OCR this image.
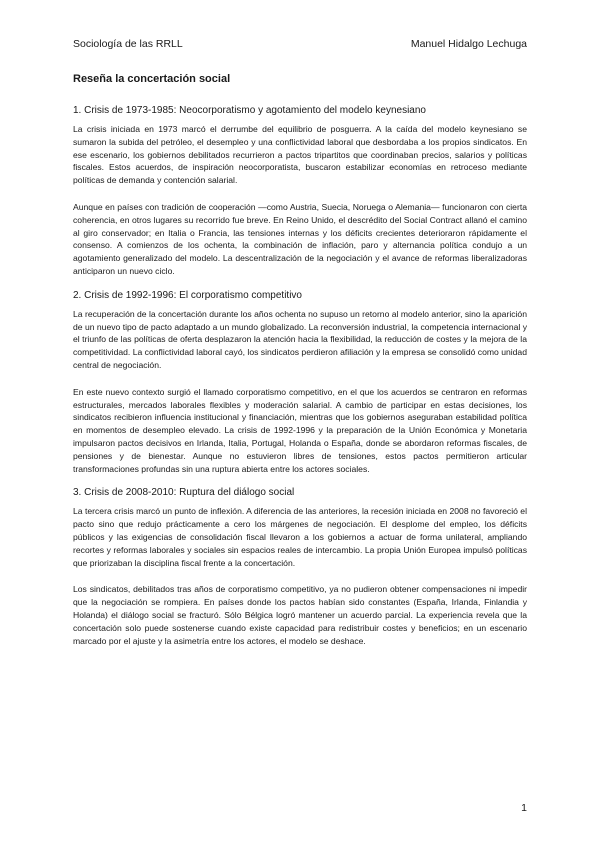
Sociología de las RRLL	Manuel Hidalgo Lechuga
Reseña la concertación social
1. Crisis de 1973-1985: Neocorporatismo y agotamiento del modelo keynesiano

La crisis iniciada en 1973 marcó el derrumbe del equilibrio de posguerra. A la caída del modelo keynesiano se sumaron la subida del petróleo, el desempleo y una conflictividad laboral que desbordaba a los propios sindicatos. En ese escenario, los gobiernos debilitados recurrieron a pactos tripartitos que coordinaban precios, salarios y políticas fiscales. Estos acuerdos, de inspiración neocorporatista, buscaron estabilizar economías en retroceso mediante políticas de demanda y contención salarial.

Aunque en países con tradición de cooperación —como Austria, Suecia, Noruega o Alemania— funcionaron con cierta coherencia, en otros lugares su recorrido fue breve. En Reino Unido, el descrédito del Social Contract allanó el camino al giro conservador; en Italia o Francia, las tensiones internas y los déficits crecientes deterioraron rápidamente el consenso. A comienzos de los ochenta, la combinación de inflación, paro y alternancia política condujo a un agotamiento generalizado del modelo. La descentralización de la negociación y el avance de reformas liberalizadoras anticiparon un nuevo ciclo.

2. Crisis de 1992-1996: El corporatismo competitivo

La recuperación de la concertación durante los años ochenta no supuso un retorno al modelo anterior, sino la aparición de un nuevo tipo de pacto adaptado a un mundo globalizado. La reconversión industrial, la competencia internacional y el triunfo de las políticas de oferta desplazaron la atención hacia la flexibilidad, la reducción de costes y la mejora de la competitividad. La conflictividad laboral cayó, los sindicatos perdieron afiliación y la empresa se consolidó como unidad central de negociación.

En este nuevo contexto surgió el llamado corporatismo competitivo, en el que los acuerdos se centraron en reformas estructurales, mercados laborales flexibles y moderación salarial. A cambio de participar en estas decisiones, los sindicatos recibieron influencia institucional y financiación, mientras que los gobiernos aseguraban estabilidad política en momentos de desempleo elevado. La crisis de 1992-1996 y la preparación de la Unión Económica y Monetaria impulsaron pactos decisivos en Irlanda, Italia, Portugal, Holanda o España, donde se abordaron reformas fiscales, de pensiones y de bienestar. Aunque no estuvieron libres de tensiones, estos pactos permitieron articular transformaciones profundas sin una ruptura abierta entre los actores sociales.

3. Crisis de 2008-2010: Ruptura del diálogo social

La tercera crisis marcó un punto de inflexión. A diferencia de las anteriores, la recesión iniciada en 2008 no favoreció el pacto sino que redujo prácticamente a cero los márgenes de negociación. El desplome del empleo, los déficits públicos y las exigencias de consolidación fiscal llevaron a los gobiernos a actuar de forma unilateral, ampliando recortes y reformas laborales y sociales sin espacios reales de intercambio. La propia Unión Europea impulsó políticas que priorizaban la disciplina fiscal frente a la concertación.

Los sindicatos, debilitados tras años de corporatismo competitivo, ya no pudieron obtener compensaciones ni impedir que la negociación se rompiera. En países donde los pactos habían sido constantes (España, Irlanda, Finlandia y Holanda) el diálogo social se fracturó. Sólo Bélgica logró mantener un acuerdo parcial. La experiencia revela que la concertación solo puede sostenerse cuando existe capacidad para redistribuir costes y beneficios; en un escenario marcado por el ajuste y la asimetría entre los actores, el modelo se deshace.

1
